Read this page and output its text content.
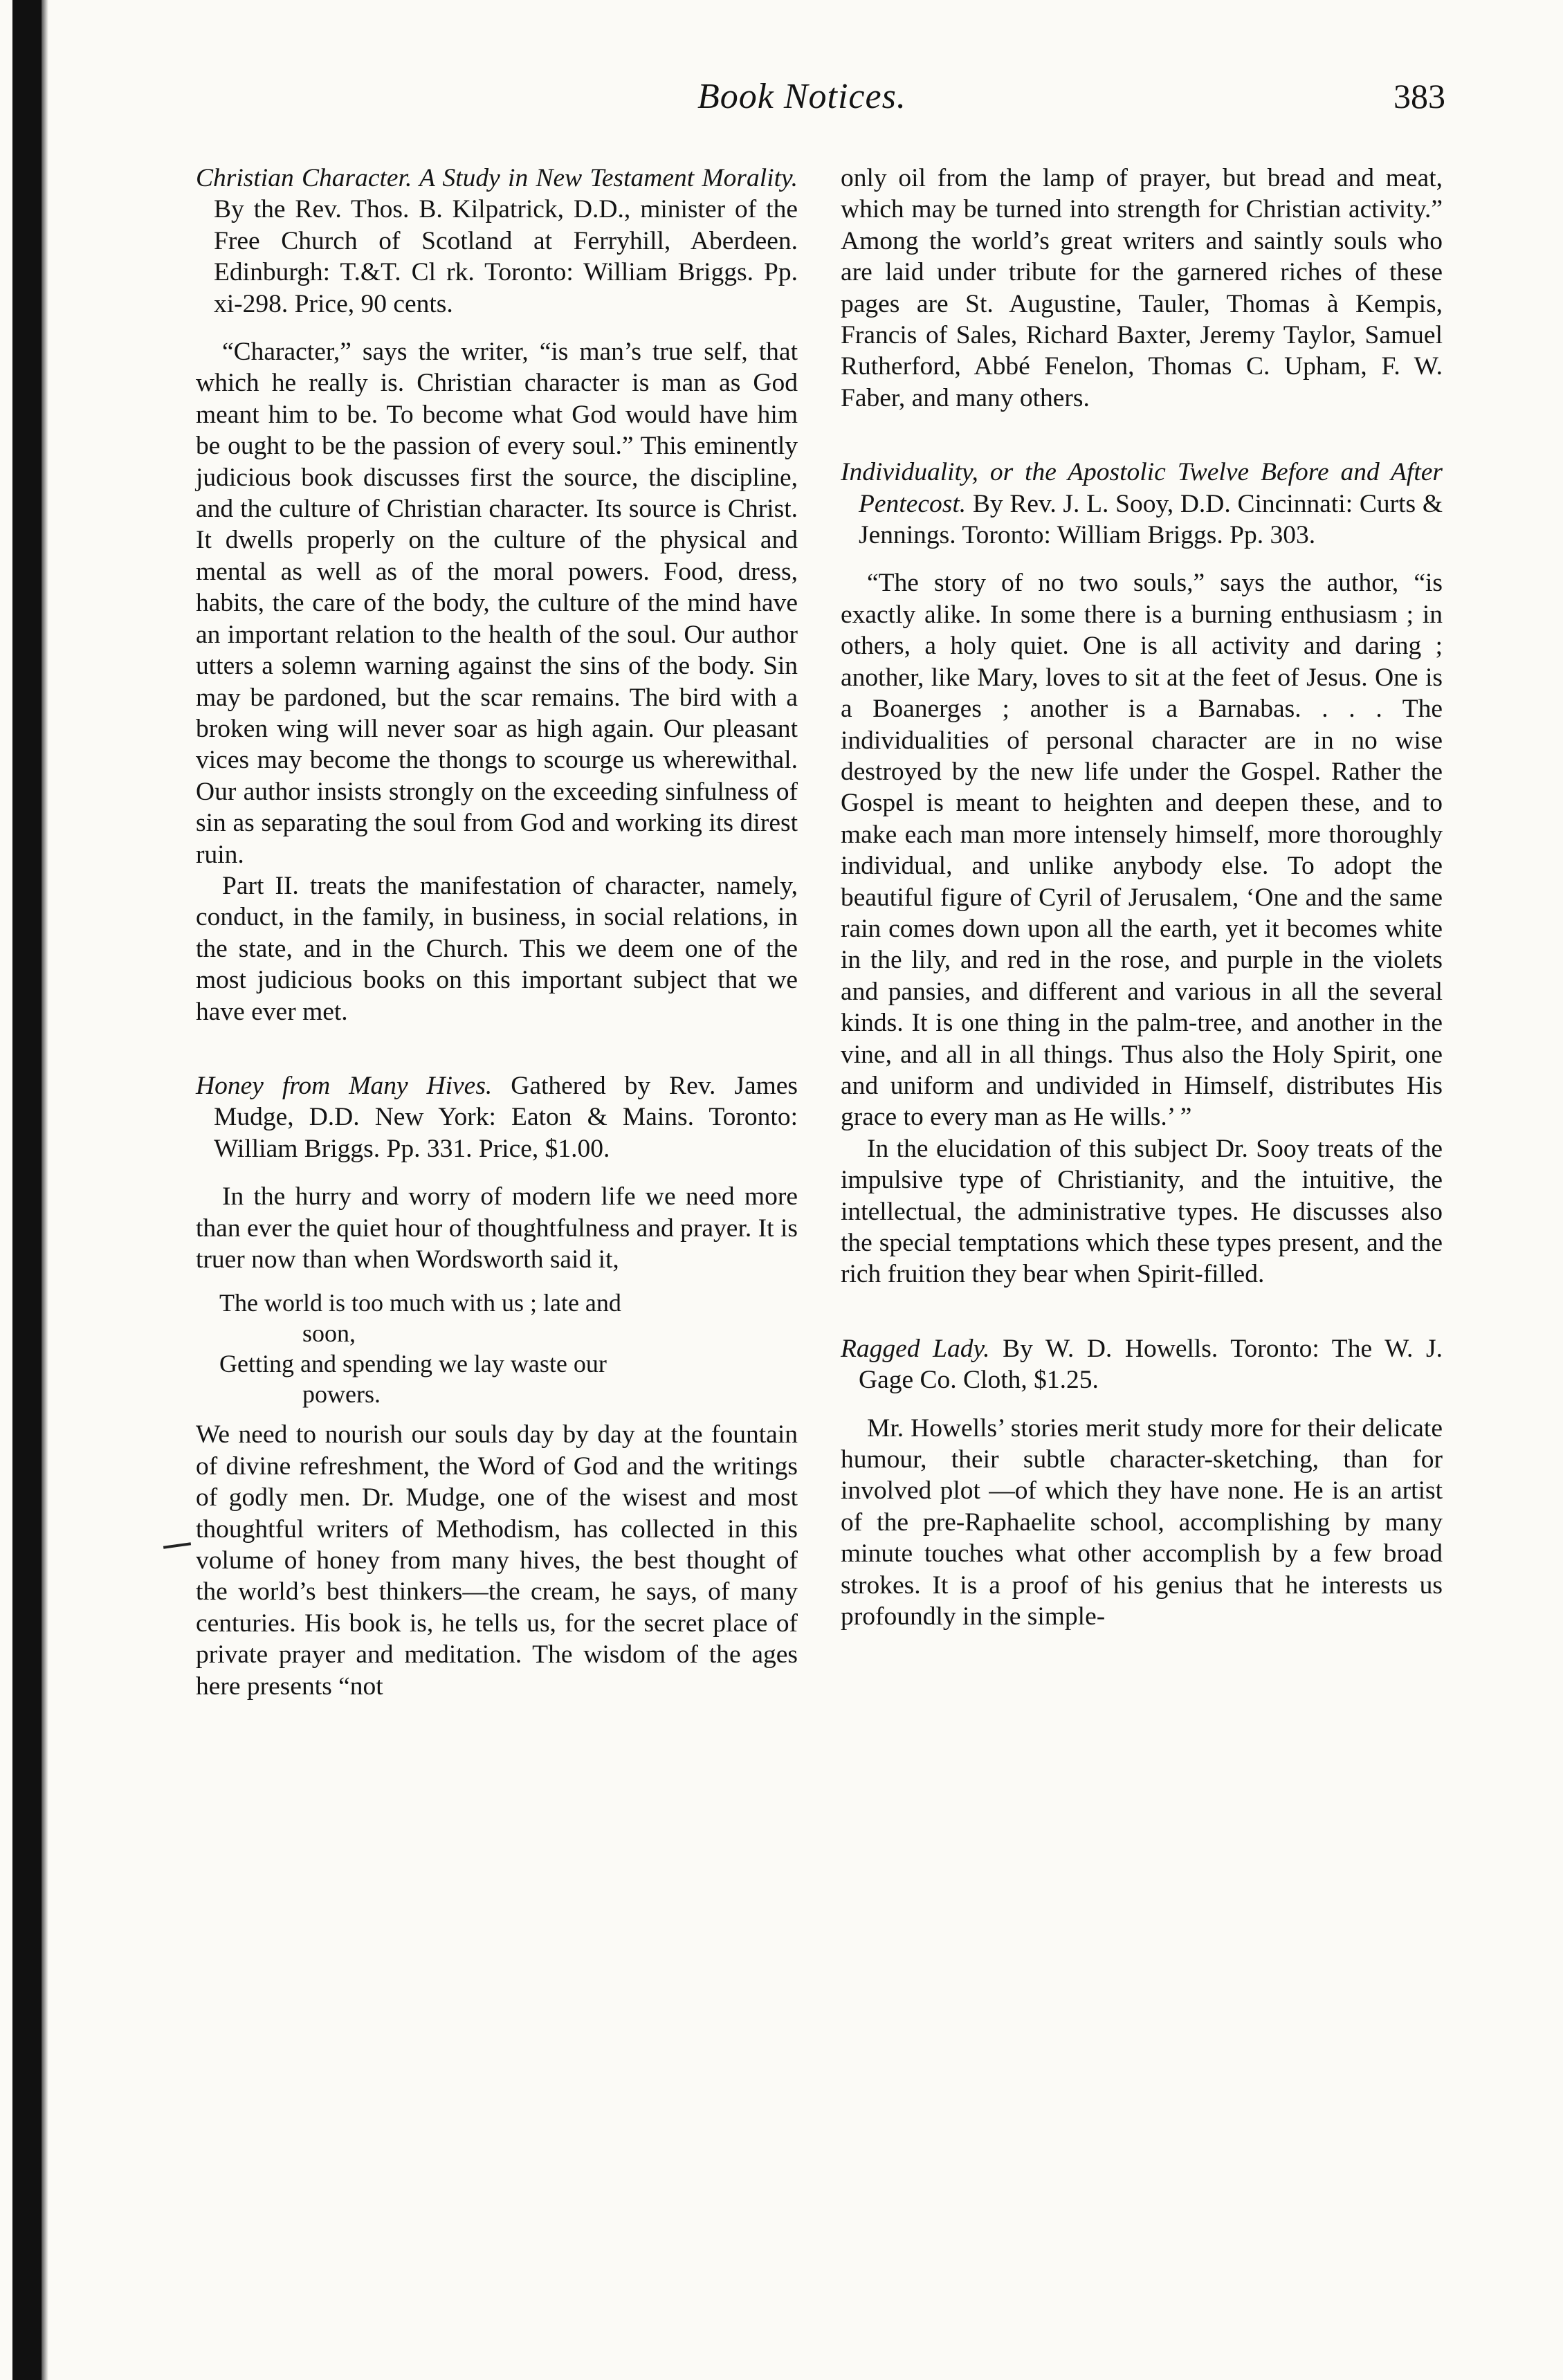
Book Notices.	383

Christian Character. A Study in New Testament Morality. By the Rev. Thos. B. Kilpatrick, D.D., minister of the Free Church of Scotland at Ferryhill, Aberdeen. Edinburgh: T.&T. Cl rk. Toronto: William Briggs. Pp. xi-298. Price, 90 cents.

“Character,” says the writer, “is man’s true self, that which he really is. Christian character is man as God meant him to be. To become what God would have him be ought to be the passion of every soul.” This eminently judicious book discusses first the source, the discipline, and the culture of Christian character. Its source is Christ. It dwells properly on the culture of the physical and mental as well as of the moral powers. Food, dress, habits, the care of the body, the culture of the mind have an important relation to the health of the soul. Our author utters a solemn warning against the sins of the body. Sin may be pardoned, but the scar remains. The bird with a broken wing will never soar as high again. Our pleasant vices may become the thongs to scourge us wherewithal. Our author insists strongly on the exceeding sinfulness of sin as separating the soul from God and working its direst ruin.

Part II. treats the manifestation of character, namely, conduct, in the family, in business, in social relations, in the state, and in the Church. This we deem one of the most judicious books on this important subject that we have ever met.

Honey from Many Hives. Gathered by Rev. James Mudge, D.D. New York: Eaton & Mains. Toronto: William Briggs. Pp. 331. Price, $1.00.

In the hurry and worry of modern life we need more than ever the quiet hour of thoughtfulness and prayer. It is truer now than when Wordsworth said it,

The world is too much with us ; late and
soon,
Getting and spending we lay waste our
powers.

We need to nourish our souls day by day at the fountain of divine refreshment, the Word of God and the writings of godly men. Dr. Mudge, one of the wisest and most thoughtful writers of Methodism, has collected in this volume of honey from many hives, the best thought of the world’s best thinkers—the cream, he says, of many centuries. His book is, he tells us, for the secret place of private prayer and meditation. The wisdom of the ages here presents “not

only oil from the lamp of prayer, but bread and meat, which may be turned into strength for Christian activity.” Among the world’s great writers and saintly souls who are laid under tribute for the garnered riches of these pages are St. Augustine, Tauler, Thomas à Kempis, Francis of Sales, Richard Baxter, Jeremy Taylor, Samuel Rutherford, Abbé Fenelon, Thomas C. Upham, F. W. Faber, and many others.

Individuality, or the Apostolic Twelve Before and After Pentecost. By Rev. J. L. Sooy, D.D. Cincinnati: Curts & Jennings. Toronto: William Briggs. Pp. 303.

“The story of no two souls,” says the author, “is exactly alike. In some there is a burning enthusiasm ; in others, a holy quiet. One is all activity and daring ; another, like Mary, loves to sit at the feet of Jesus. One is a Boanerges ; another is a Barnabas. . . . The individualities of personal character are in no wise destroyed by the new life under the Gospel. Rather the Gospel is meant to heighten and deepen these, and to make each man more intensely himself, more thoroughly individual, and unlike anybody else. To adopt the beautiful figure of Cyril of Jerusalem, ‘One and the same rain comes down upon all the earth, yet it becomes white in the lily, and red in the rose, and purple in the violets and pansies, and different and various in all the several kinds. It is one thing in the palm-tree, and another in the vine, and all in all things. Thus also the Holy Spirit, one and uniform and undivided in Himself, distributes His grace to every man as He wills.’ ”

In the elucidation of this subject Dr. Sooy treats of the impulsive type of Christianity, and the intuitive, the intellectual, the administrative types. He discusses also the special temptations which these types present, and the rich fruition they bear when Spirit-filled.

Ragged Lady. By W. D. Howells. Toronto: The W. J. Gage Co. Cloth, $1.25.

Mr. Howells’ stories merit study more for their delicate humour, their subtle character-sketching, than for involved plot —of which they have none. He is an artist of the pre-Raphaelite school, accomplishing by many minute touches what other accomplish by a few broad strokes. It is a proof of his genius that he interests us profoundly in the simple-
